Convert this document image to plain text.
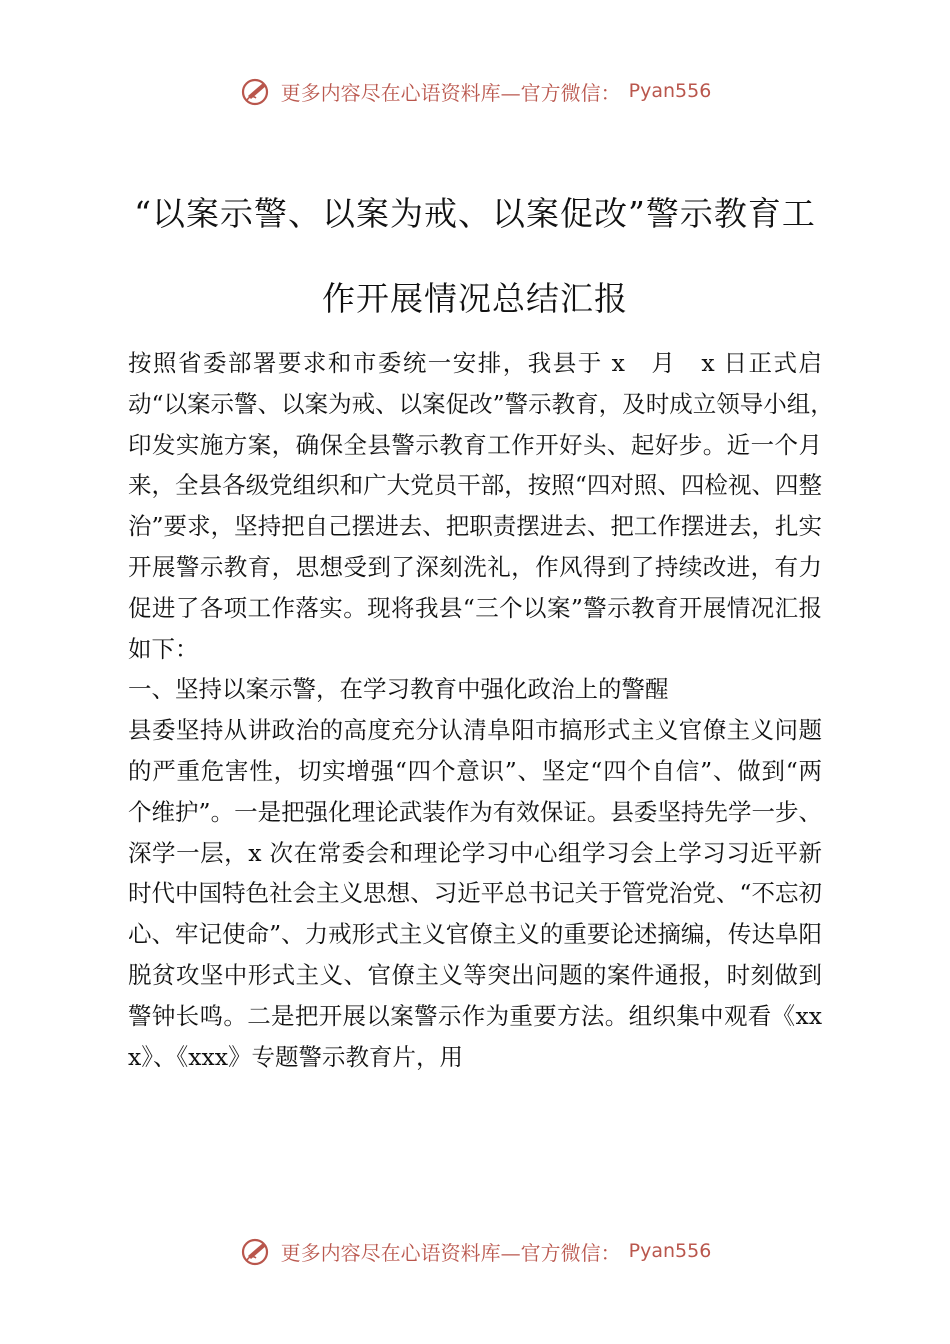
更多内容尽在心语资料库—官方微信： Pyan556
“以案示警、以案为戒、以案促改”警示教育工
作开展情况总结汇报

按照省委部署要求和市委统一安排，我县于 x　月　x 日正式启动“以案示警、以案为戒、以案促改”警示教育，及时成立领导小组，　印发实施方案，确保全县警示教育工作开好头、起好步。近一个月来，全县各级党组织和广大党员干部，按照“四对照、四检视、四整治”要求，坚持把自己摆进去、把职责摆进去、把工作摆进去，扎实开展警示教育，思想受到了深刻洗礼，作风得到了持续改进，有力促进了各项工作落实。现将我县“三个以案”警示教育开展情况汇报如下：

一、坚持以案示警，在学习教育中强化政治上的警醒

县委坚持从讲政治的高度充分认清阜阳市搞形式主义官僚主义问题的严重危害性，切实增强“四个意识”、坚定“四个自信”、做到“两个维护”。一是把强化理论武装作为有效保证。县委坚持先学一步、深学一层，x 次在常委会和理论学习中心组学习会上学习习近平新时代中国特色社会主义思想、习近平总书记关于管党治党、“不忘初心、牢记使命”、力戒形式主义官僚主义的重要论述摘编，传达阜阳脱贫攻坚中形式主义、官僚主义等突出问题的案件通报，时刻做到警钟长鸣。二是把开展以案警示作为重要方法。组织集中观看《xxx》、《xxx》专题警示教育片，用

更多内容尽在心语资料库—官方微信： Pyan556
